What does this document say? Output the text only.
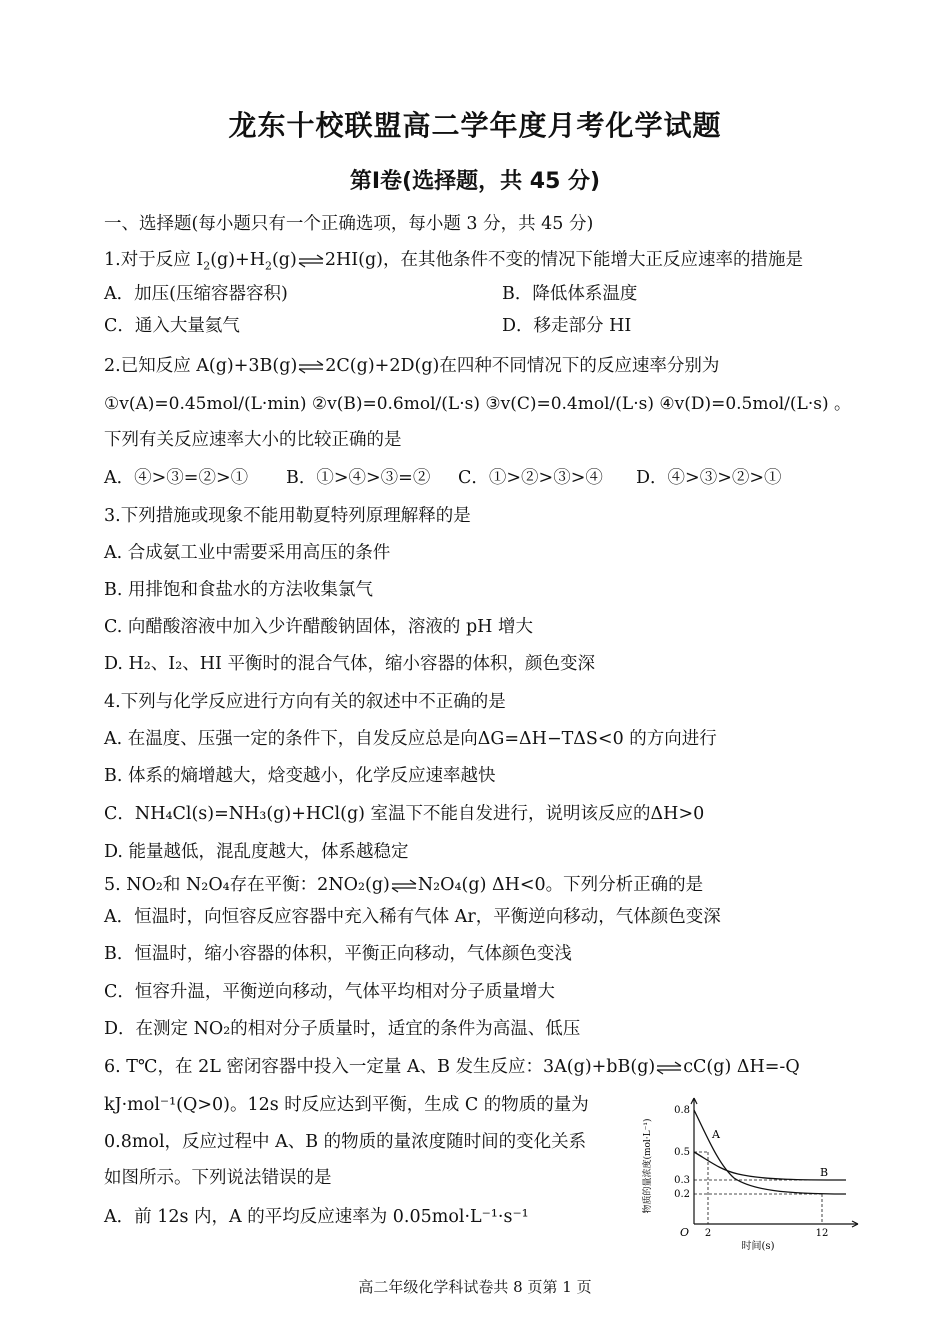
龙东十校联盟高二学年度月考化学试题
第Ⅰ卷(选择题，共 45 分)
一、选择题(每小题只有一个正确选项，每小题 3 分，共 45 分)
1.对于反应 $I_2(g)+H_2(g)$ 2HI(g)，在其他条件不变的情况下能增大正反应速率的措施是
A．加压(压缩容器容积)	B．降低体系温度
C．通入大量氦气	D．移走部分 HI
2.已知反应 A(g)+3B(g) 2C(g)+2D(g)在四种不同情况下的反应速率分别为
①v(A)=0.45mol/(L·min) ②v(B)=0.6mol/(L·s) ③v(C)=0.4mol/(L·s) ④v(D)=0.5mol/(L·s) 。
下列有关反应速率大小的比较正确的是
A．④>③=②>① B．①>④>③=② C．①>②>③>④ D．④>③>②>①
3.下列措施或现象不能用勒夏特列原理解释的是
A. 合成氨工业中需要采用高压的条件
B. 用排饱和食盐水的方法收集氯气
C. 向醋酸溶液中加入少许醋酸钠固体，溶液的 pH 增大
D. H₂、I₂、HI 平衡时的混合气体，缩小容器的体积，颜色变深
4.下列与化学反应进行方向有关的叙述中不正确的是
A. 在温度、压强一定的条件下，自发反应总是向ΔG=ΔH−TΔS<0 的方向进行
B. 体系的熵增越大，焓变越小，化学反应速率越快
C．NH₄Cl(s)=NH₃(g)+HCl(g) 室温下不能自发进行，说明该反应的ΔH>0
D. 能量越低，混乱度越大，体系越稳定
5. NO₂和 N₂O₄存在平衡：2NO₂(g) N₂O₄(g) ΔH<0。下列分析正确的是
A．恒温时，向恒容反应容器中充入稀有气体 Ar，平衡逆向移动，气体颜色变深
B．恒温时，缩小容器的体积，平衡正向移动，气体颜色变浅
C．恒容升温，平衡逆向移动，气体平均相对分子质量增大
D．在测定 NO₂的相对分子质量时，适宜的条件为高温、低压
6. T℃，在 2L 密闭容器中投入一定量 A、B 发生反应：3A(g)+bB(g) cC(g) ΔH=-Q
kJ·mol⁻¹(Q>0)。12s 时反应达到平衡，生成 C 的物质的量为
0.8mol，反应过程中 A、B 的物质的量浓度随时间的变化关系
如图所示。下列说法错误的是
A．前 12s 内，A 的平均反应速率为 0.05mol·L⁻¹·s⁻¹
0.8
0.5
0.3
0.2
2	12
O
A
B
时间(s)
物质的量浓度(mol·L⁻¹)
高二年级化学科试卷共 8 页第 1 页
